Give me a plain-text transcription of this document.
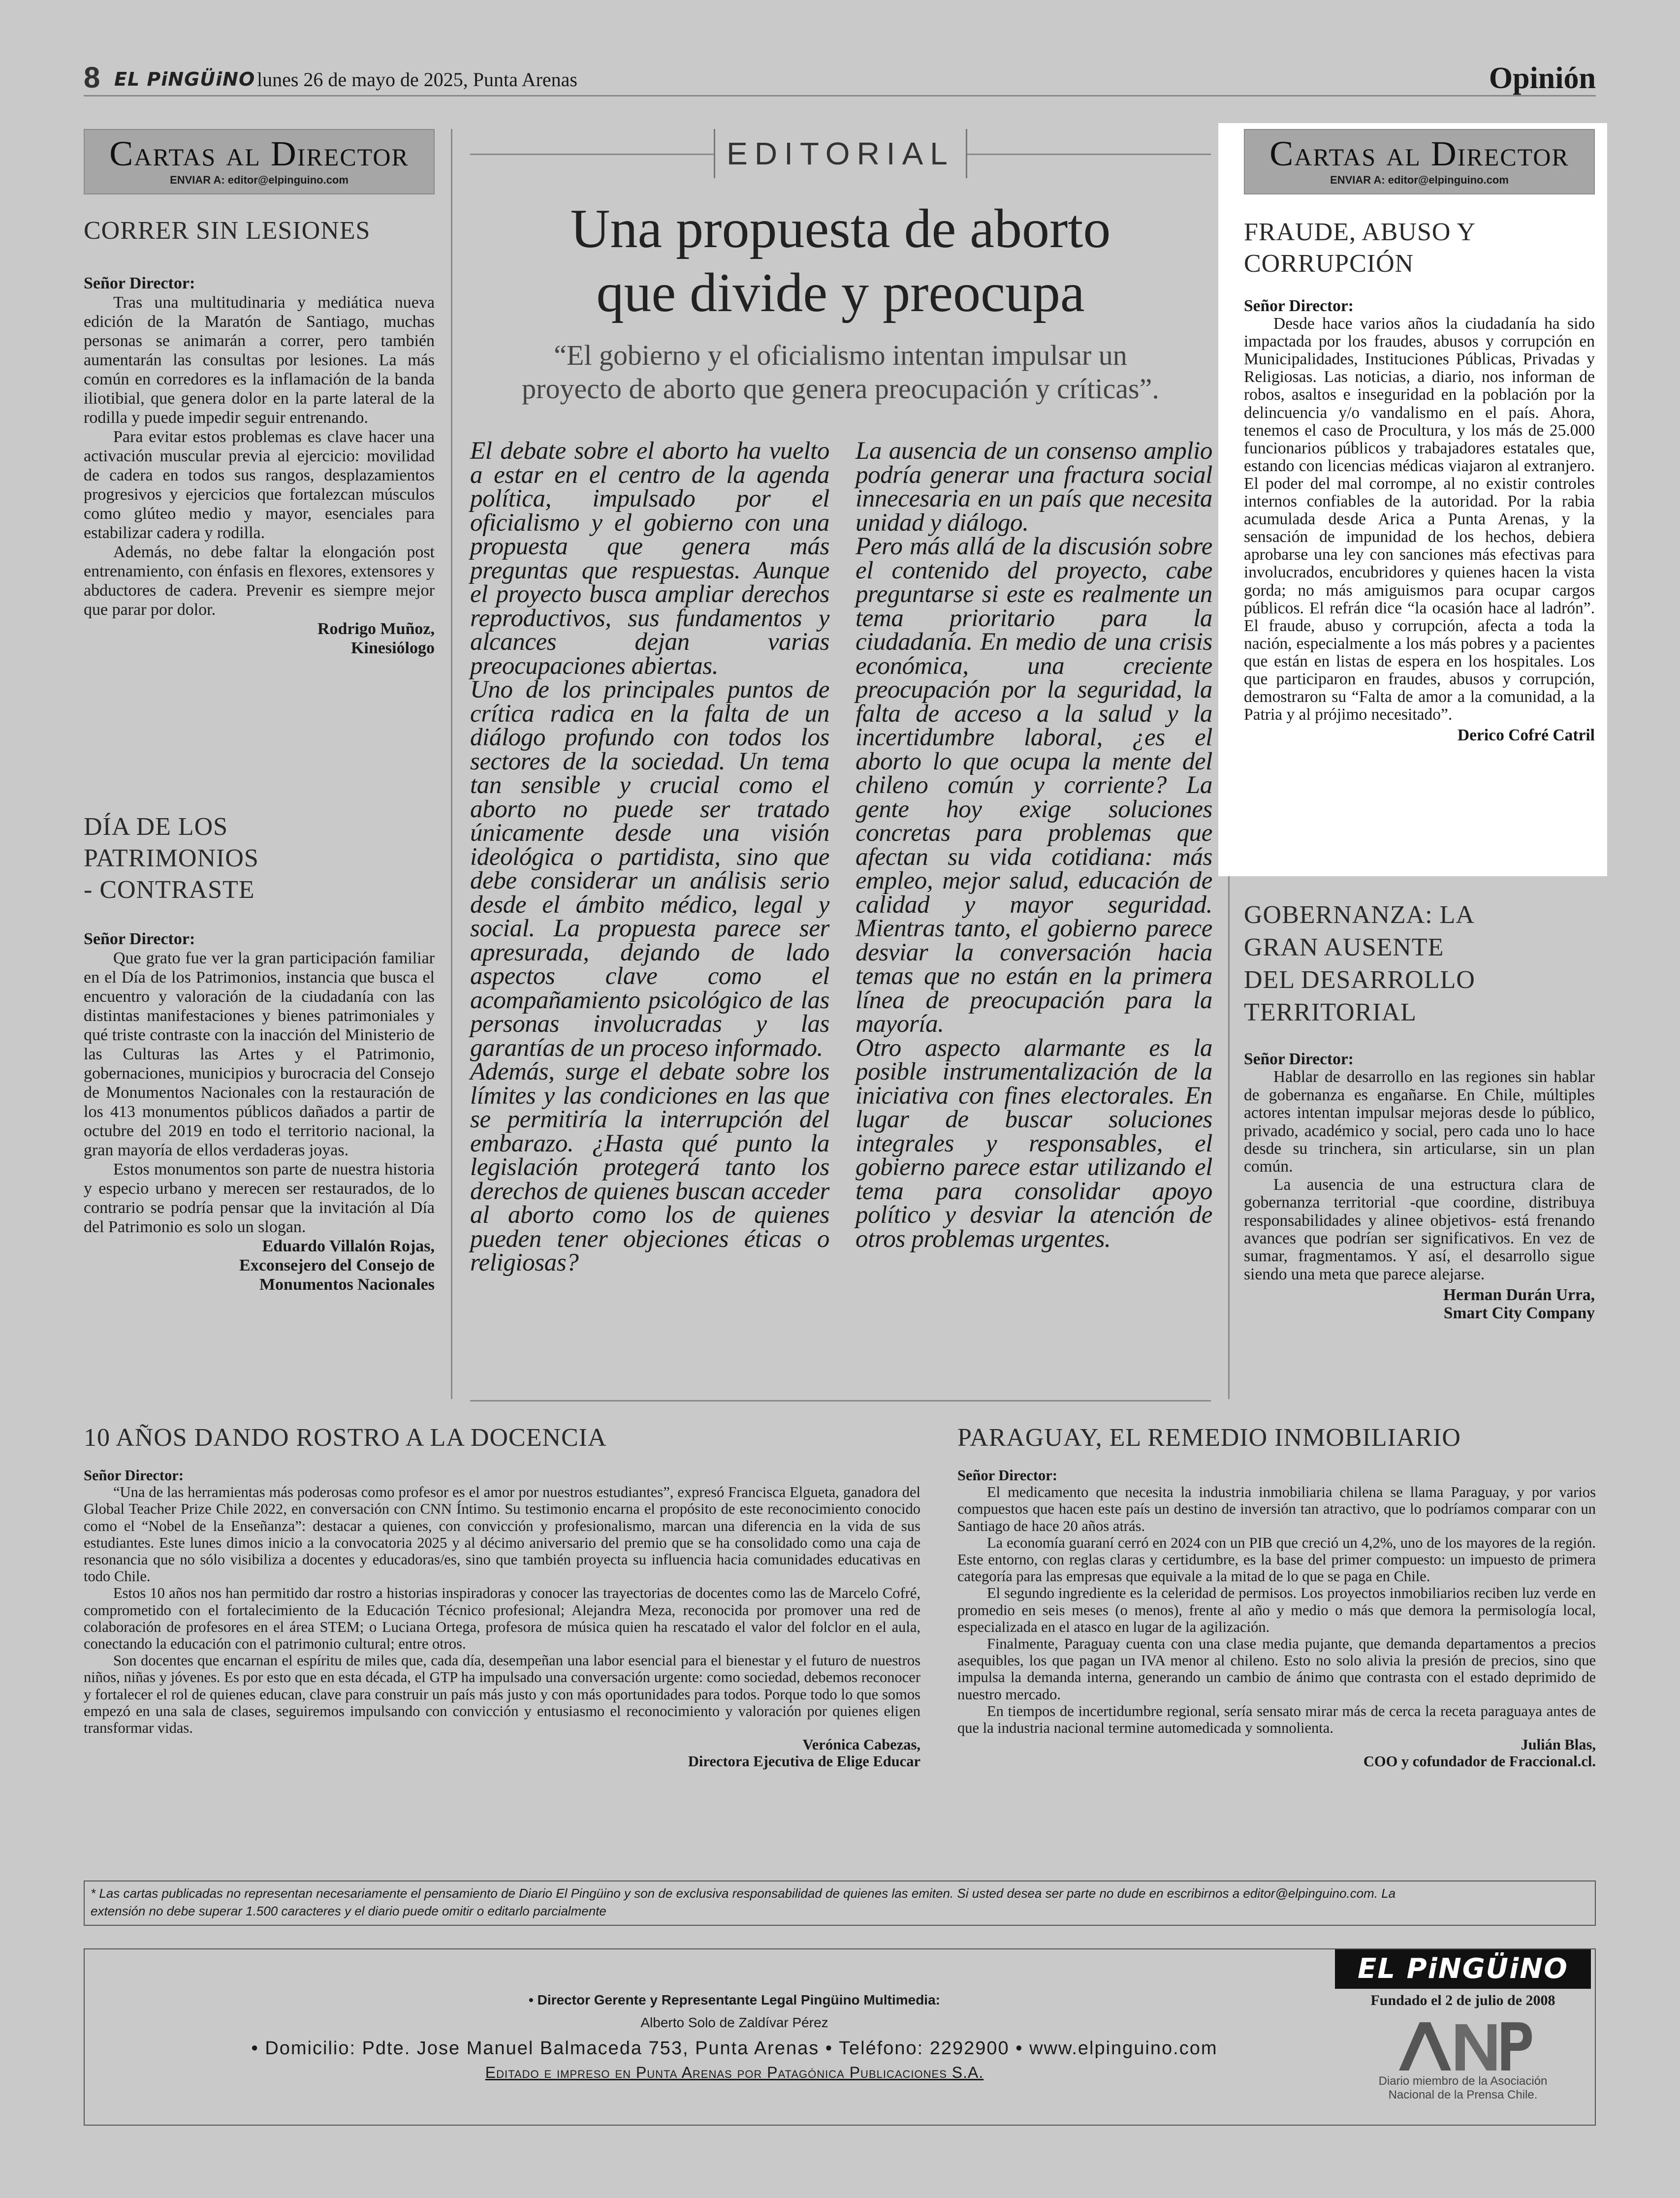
8 EL PiNGÜiNO lunes 26 de mayo de 2025, Punta Arenas	Opinión
Cartas al Director
ENVIAR A: editor@elpinguino.com
CORRER SIN LESIONES
Señor Director:

Tras una multitudinaria y mediática nueva edición de la Maratón de Santiago, muchas personas se animarán a correr, pero también aumentarán las consultas por lesiones. La más común en corredores es la inflamación de la banda iliotibial, que genera dolor en la parte lateral de la rodilla y puede impedir seguir entrenando.

Para evitar estos problemas es clave hacer una activación muscular previa al ejercicio: movilidad de cadera en todos sus rangos, desplazamientos progresivos y ejercicios que fortalezcan músculos como glúteo medio y mayor, esenciales para estabilizar cadera y rodilla.

Además, no debe faltar la elongación post entrenamiento, con énfasis en flexores, extensores y abductores de cadera. Prevenir es siempre mejor que parar por dolor.

Rodrigo Muñoz,
Kinesiólogo
DÍA DE LOS
PATRIMONIOS
- CONTRASTE
Señor Director:

Que grato fue ver la gran participación familiar en el Día de los Patrimonios, instancia que busca el encuentro y valoración de la ciudadanía con las distintas manifestaciones y bienes patrimoniales y qué triste contraste con la inacción del Ministerio de las Culturas las Artes y el Patrimonio, gobernaciones, municipios y burocracia del Consejo de Monumentos Nacionales con la restauración de los 413 monumentos públicos dañados a partir de octubre del 2019 en todo el territorio nacional, la gran mayoría de ellos verdaderas joyas.

Estos monumentos son parte de nuestra historia y especio urbano y merecen ser restaurados, de lo contrario se podría pensar que la invitación al Día del Patrimonio es solo un slogan.

Eduardo Villalón Rojas,
Exconsejero del Consejo de
Monumentos Nacionales
EDITORIAL
Una propuesta de aborto
que divide y preocupa
“El gobierno y el oficialismo intentan impulsar un
proyecto de aborto que genera preocupación y críticas”.

El debate sobre el aborto ha vuelto a estar en el centro de la agenda política, impulsado por el oficialismo y el gobierno con una propuesta que genera más preguntas que respuestas. Aunque el proyecto busca ampliar derechos reproductivos, sus fundamentos y alcances dejan varias preocupaciones abiertas.

Uno de los principales puntos de crítica radica en la falta de un diálogo profundo con todos los sectores de la sociedad. Un tema tan sensible y crucial como el aborto no puede ser tratado únicamente desde una visión ideológica o partidista, sino que debe considerar un análisis serio desde el ámbito médico, legal y social. La propuesta parece ser apresurada, dejando de lado aspectos clave como el acompañamiento psicológico de las personas involucradas y las garantías de un proceso informado.

Además, surge el debate sobre los límites y las condiciones en las que se permitiría la interrupción del embarazo. ¿Hasta qué punto la legislación protegerá tanto los derechos de quienes buscan acceder al aborto como los de quienes pueden tener objeciones éticas o religiosas?

La ausencia de un consenso amplio podría generar una fractura social innecesaria en un país que necesita unidad y diálogo.

Pero más allá de la discusión sobre el contenido del proyecto, cabe preguntarse si este es realmente un tema prioritario para la ciudadanía. En medio de una crisis económica, una creciente preocupación por la seguridad, la falta de acceso a la salud y la incertidumbre laboral, ¿es el aborto lo que ocupa la mente del chileno común y corriente? La gente hoy exige soluciones concretas para problemas que afectan su vida cotidiana: más empleo, mejor salud, educación de calidad y mayor seguridad. Mientras tanto, el gobierno parece desviar la conversación hacia temas que no están en la primera línea de preocupación para la mayoría.

Otro aspecto alarmante es la posible instrumentalización de la iniciativa con fines electorales. En lugar de buscar soluciones integrales y responsables, el gobierno parece estar utilizando el tema para consolidar apoyo político y desviar la atención de otros problemas urgentes.

Cartas al Director
ENVIAR A: editor@elpinguino.com
FRAUDE, ABUSO Y
CORRUPCIÓN
Señor Director:

Desde hace varios años la ciudadanía ha sido impactada por los fraudes, abusos y corrupción en Municipalidades, Instituciones Públicas, Privadas y Religiosas. Las noticias, a diario, nos informan de robos, asaltos e inseguridad en la población por la delincuencia y/o vandalismo en el país. Ahora, tenemos el caso de Procultura, y los más de 25.000 funcionarios públicos y trabajadores estatales que, estando con licencias médicas viajaron al extranjero. El poder del mal corrompe, al no existir controles internos confiables de la autoridad. Por la rabia acumulada desde Arica a Punta Arenas, y la sensación de impunidad de los hechos, debiera aprobarse una ley con sanciones más efectivas para involucrados, encubridores y quienes hacen la vista gorda; no más amiguismos para ocupar cargos públicos. El refrán dice “la ocasión hace al ladrón”. El fraude, abuso y corrupción, afecta a toda la nación, especialmente a los más pobres y a pacientes que están en listas de espera en los hospitales. Los que participaron en fraudes, abusos y corrupción, demostraron su “Falta de amor a la comunidad, a la Patria y al prójimo necesitado”.

Derico Cofré Catril
GOBERNANZA: LA
GRAN AUSENTE
DEL DESARROLLO
TERRITORIAL
Señor Director:

Hablar de desarrollo en las regiones sin hablar de gobernanza es engañarse. En Chile, múltiples actores intentan impulsar mejoras desde lo público, privado, académico y social, pero cada uno lo hace desde su trinchera, sin articularse, sin un plan común.

La ausencia de una estructura clara de gobernanza territorial -que coordine, distribuya responsabilidades y alinee objetivos- está frenando avances que podrían ser significativos. En vez de sumar, fragmentamos. Y así, el desarrollo sigue siendo una meta que parece alejarse.

Herman Durán Urra,
Smart City Company
10 AÑOS DANDO ROSTRO A LA DOCENCIA
Señor Director:

“Una de las herramientas más poderosas como profesor es el amor por nuestros estudiantes”, expresó Francisca Elgueta, ganadora del Global Teacher Prize Chile 2022, en conversación con CNN Íntimo. Su testimonio encarna el propósito de este reconocimiento conocido como el “Nobel de la Enseñanza”: destacar a quienes, con convicción y profesionalismo, marcan una diferencia en la vida de sus estudiantes. Este lunes dimos inicio a la convocatoria 2025 y al décimo aniversario del premio que se ha consolidado como una caja de resonancia que no sólo visibiliza a docentes y educadoras/es, sino que también proyecta su influencia hacia comunidades educativas en todo Chile.

Estos 10 años nos han permitido dar rostro a historias inspiradoras y conocer las trayectorias de docentes como las de Marcelo Cofré, comprometido con el fortalecimiento de la Educación Técnico profesional; Alejandra Meza, reconocida por promover una red de colaboración de profesores en el área STEM; o Luciana Ortega, profesora de música quien ha rescatado el valor del folclor en el aula, conectando la educación con el patrimonio cultural; entre otros.

Son docentes que encarnan el espíritu de miles que, cada día, desempeñan una labor esencial para el bienestar y el futuro de nuestros niños, niñas y jóvenes. Es por esto que en esta década, el GTP ha impulsado una conversación urgente: como sociedad, debemos reconocer y fortalecer el rol de quienes educan, clave para construir un país más justo y con más oportunidades para todos. Porque todo lo que somos empezó en una sala de clases, seguiremos impulsando con convicción y entusiasmo el reconocimiento y valoración por quienes eligen transformar vidas.

Verónica Cabezas,
Directora Ejecutiva de Elige Educar
PARAGUAY, EL REMEDIO INMOBILIARIO
Señor Director:

El medicamento que necesita la industria inmobiliaria chilena se llama Paraguay, y por varios compuestos que hacen este país un destino de inversión tan atractivo, que lo podríamos comparar con un Santiago de hace 20 años atrás.

La economía guaraní cerró en 2024 con un PIB que creció un 4,2%, uno de los mayores de la región. Este entorno, con reglas claras y certidumbre, es la base del primer compuesto: un impuesto de primera categoría para las empresas que equivale a la mitad de lo que se paga en Chile.

El segundo ingrediente es la celeridad de permisos. Los proyectos inmobiliarios reciben luz verde en promedio en seis meses (o menos), frente al año y medio o más que demora la permisología local, especializada en el atasco en lugar de la agilización.

Finalmente, Paraguay cuenta con una clase media pujante, que demanda departamentos a precios asequibles, los que pagan un IVA menor al chileno. Esto no solo alivia la presión de precios, sino que impulsa la demanda interna, generando un cambio de ánimo que contrasta con el estado deprimido de nuestro mercado.

En tiempos de incertidumbre regional, sería sensato mirar más de cerca la receta paraguaya antes de que la industria nacional termine automedicada y somnolienta.

Julián Blas,
COO y cofundador de Fraccional.cl.
* Las cartas publicadas no representan necesariamente el pensamiento de Diario El Pingüino y son de exclusiva responsabilidad de quienes las emiten. Si usted desea ser parte no dude en escribirnos a editor@elpinguino.com. La
extensión no debe superar 1.500 caracteres y el diario puede omitir o editarlo parcialmente
• Director Gerente y Representante Legal Pingüino Multimedia:
Alberto Solo de Zaldívar Pérez
• Domicilio: Pdte. Jose Manuel Balmaceda 753, Punta Arenas • Teléfono: 2292900 • www.elpinguino.com
Editado e impreso en Punta Arenas por Patagónica Publicaciones S.A.
EL PiNGÜiNO
Fundado el 2 de julio de 2008
ANP
Diario miembro de la Asociación
Nacional de la Prensa Chile.
